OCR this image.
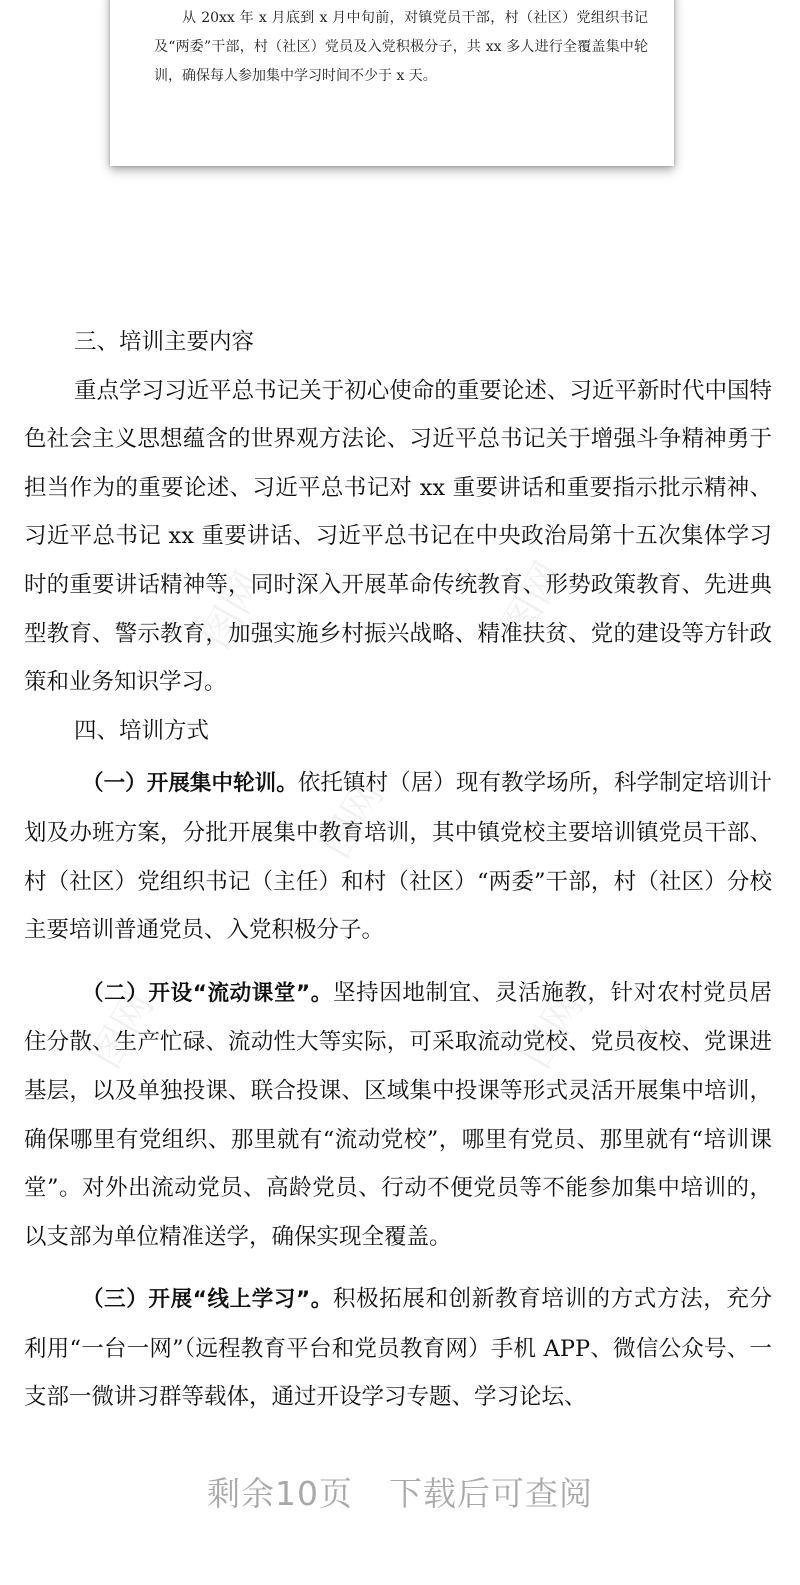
从 20xx 年 x 月底到 x 月中旬前，对镇党员干部，村（社区）党组织书记及“两委”干部，村（社区）党员及入党积极分子，共 xx 多人进行全覆盖集中轮训，确保每人参加集中学习时间不少于 x 天。

图网	图网
图网
图网	图网

三、培训主要内容

重点学习习近平总书记关于初心使命的重要论述、习近平新时代中国特色社会主义思想蕴含的世界观方法论、习近平总书记关于增强斗争精神勇于担当作为的重要论述、习近平总书记对 xx 重要讲话和重要指示批示精神、习近平总书记 xx 重要讲话、习近平总书记在中央政治局第十五次集体学习时的重要讲话精神等，同时深入开展革命传统教育、形势政策教育、先进典型教育、警示教育，加强实施乡村振兴战略、精准扶贫、党的建设等方针政策和业务知识学习。

四、培训方式

（一）开展集中轮训。依托镇村（居）现有教学场所，科学制定培训计划及办班方案，分批开展集中教育培训，其中镇党校主要培训镇党员干部、村（社区）党组织书记（主任）和村（社区）“两委”干部，村（社区）分校主要培训普通党员、入党积极分子。

（二）开设“流动课堂”。坚持因地制宜、灵活施教，针对农村党员居住分散、生产忙碌、流动性大等实际，可采取流动党校、党员夜校、党课进基层，以及单独投课、联合投课、区域集中投课等形式灵活开展集中培训，确保哪里有党组织、那里就有“流动党校”，哪里有党员、那里就有“培训课堂”。对外出流动党员、高龄党员、行动不便党员等不能参加集中培训的，以支部为单位精准送学，确保实现全覆盖。

（三）开展“线上学习”。积极拓展和创新教育培训的方式方法，充分利用“一台一网”（远程教育平台和党员教育网）手机 APP、微信公众号、一支部一微讲习群等载体，通过开设学习专题、学习论坛、

剩余10页 下载后可查阅
